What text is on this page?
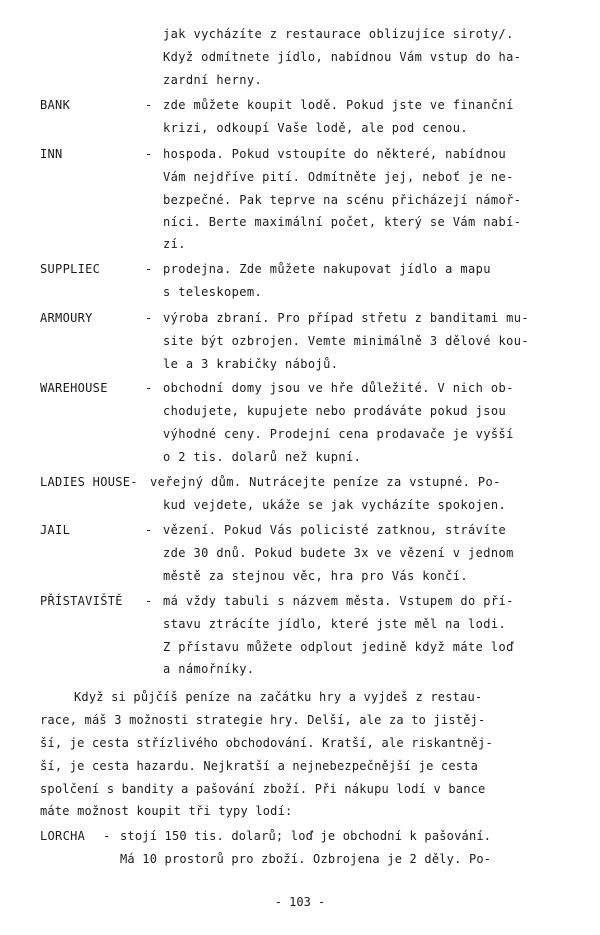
jak vycházíte z restaurace oblizujíce siroty/.
Když odmítnete jídlo, nabídnou Vám vstup do ha-
zardní herny.
BANK	- zde můžete koupit lodě. Pokud jste ve finanční
krizi, odkoupí Vaše lodě, ale pod cenou.
INN	- hospoda. Pokud vstoupíte do některé, nabídnou
Vám nejdříve pití. Odmítněte jej, neboť je ne-
bezpečné. Pak teprve na scénu přicházejí námoř-
níci. Berte maximální počet, který se Vám nabí-
zí.
SUPPLIEC	- prodejna. Zde můžete nakupovat jídlo a mapu
s teleskopem.
ARMOURY	- výroba zbraní. Pro případ střetu z banditami mu-
site být ozbrojen. Vemte minimálně 3 dělové kou-
le a 3 krabičky nábojů.
WAREHOUSE	- obchodní domy jsou ve hře důležité. V nich ob-
chodujete, kupujete nebo prodáváte pokud jsou
výhodné ceny. Prodejní cena prodavače je vyšší
o 2 tis. dolarů než kupní.
LADIES HOUSE- veřejný dům. Nutrácejte peníze za vstupné. Po-
kud vejdete, ukáže se jak vycházíte spokojen.
JAIL	- vězení. Pokud Vás policisté zatknou, strávíte
zde 30 dnů. Pokud budete 3x ve vězení v jednom
městě za stejnou věc, hra pro Vás končí.
PŘÍSTAVIŠTĚ - má vždy tabuli s názvem města. Vstupem do pří-
stavu ztrácíte jídlo, které jste měl na lodi.
Z přístavu můžete odplout jedině když máte loď
a námořníky.
Když si půjčíš peníze na začátku hry a vyjdeš z restau-
race, máš 3 možnosti strategie hry. Delší, ale za to jistěj-
ší, je cesta střízlivého obchodování. Kratší, ale riskantněj-
ší, je cesta hazardu. Nejkratší a nejnebezpečnější je cesta
spolčení s bandity a pašování zboží. Při nákupu lodí v bance
máte možnost koupit tři typy lodí:
LORCHA - stojí 150 tis. dolarů; loď je obchodní k pašování.
Má 10 prostorů pro zboží. Ozbrojena je 2 děly. Po-
- 103 -
